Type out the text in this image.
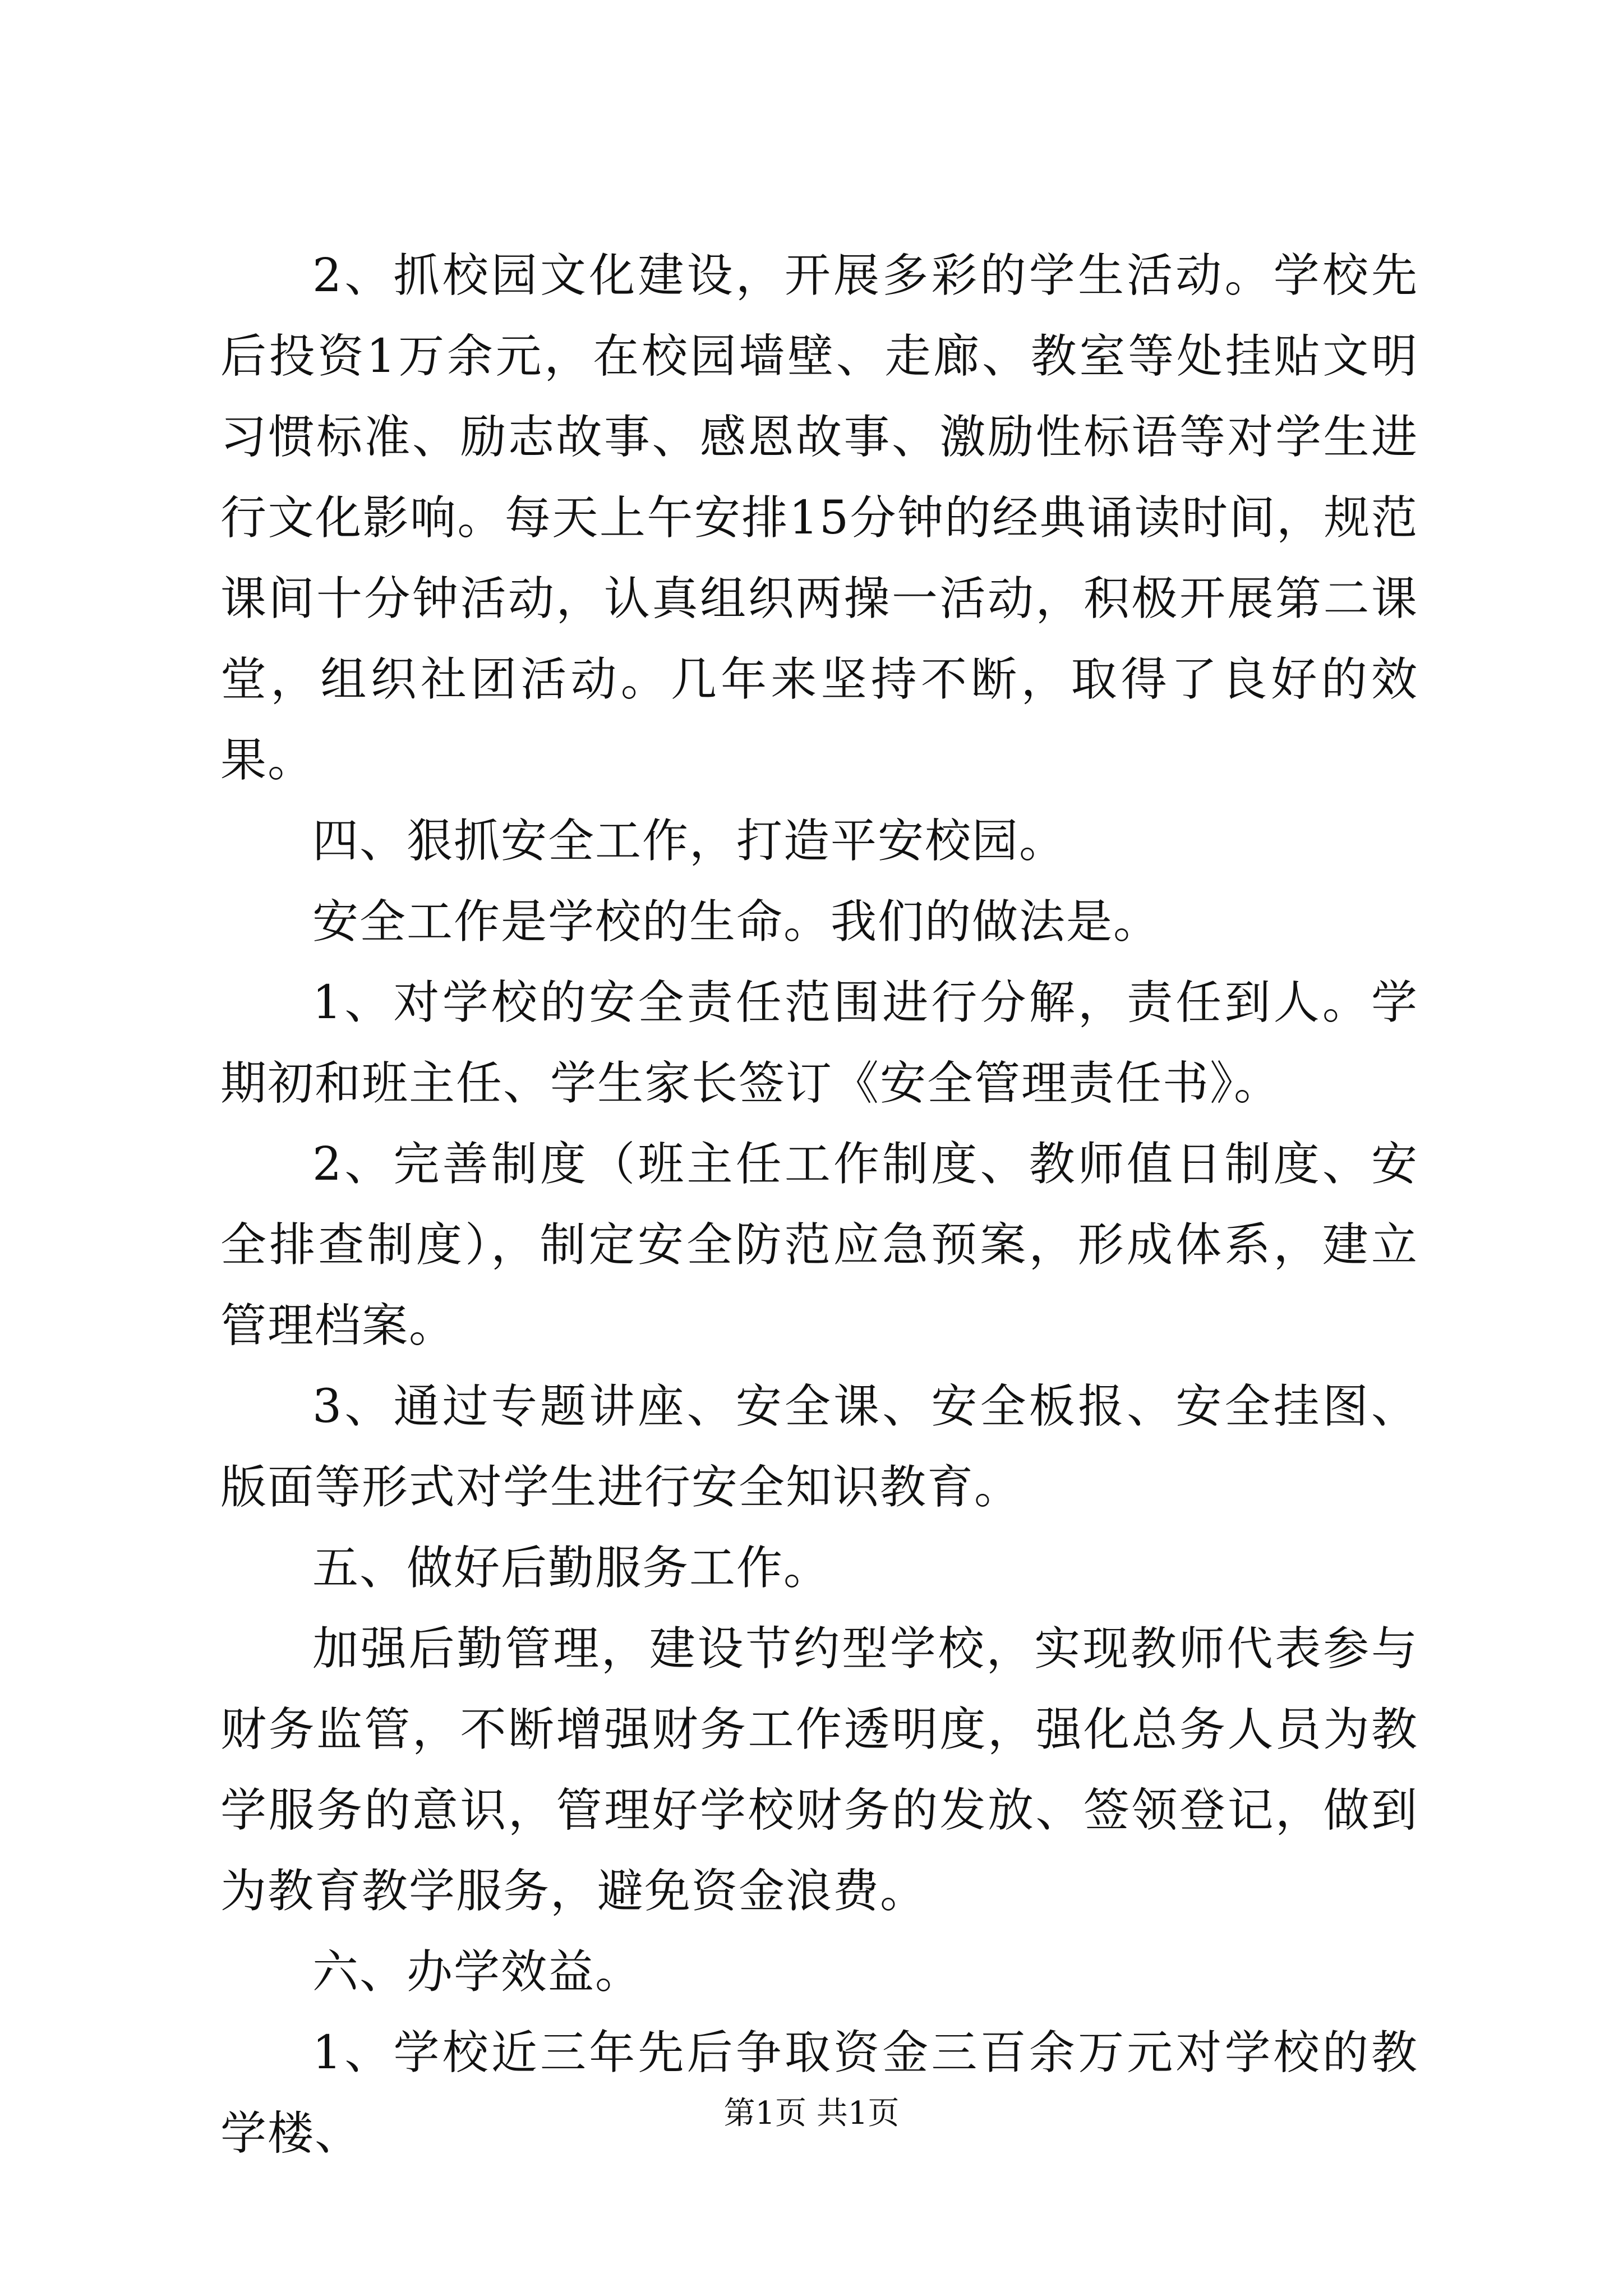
2、抓校园文化建设，开展多彩的学生活动。学校先后投资1万余元，在校园墙壁、走廊、教室等处挂贴文明习惯标准、励志故事、感恩故事、激励性标语等对学生进行文化影响。每天上午安排15分钟的经典诵读时间，规范课间十分钟活动，认真组织两操一活动，积极开展第二课堂，组织社团活动。几年来坚持不断，取得了良好的效果。

四、狠抓安全工作，打造平安校园。

安全工作是学校的生命。我们的做法是。

1、对学校的安全责任范围进行分解，责任到人。学期初和班主任、学生家长签订《安全管理责任书》。

2、完善制度（班主任工作制度、教师值日制度、安全排查制度），制定安全防范应急预案，形成体系，建立管理档案。

3、通过专题讲座、安全课、安全板报、安全挂图、版面等形式对学生进行安全知识教育。

五、做好后勤服务工作。

加强后勤管理，建设节约型学校，实现教师代表参与财务监管，不断增强财务工作透明度，强化总务人员为教学服务的意识，管理好学校财务的发放、签领登记，做到为教育教学服务，避免资金浪费。

六、办学效益。

1、学校近三年先后争取资金三百余万元对学校的教学楼、	第1页 共1页
